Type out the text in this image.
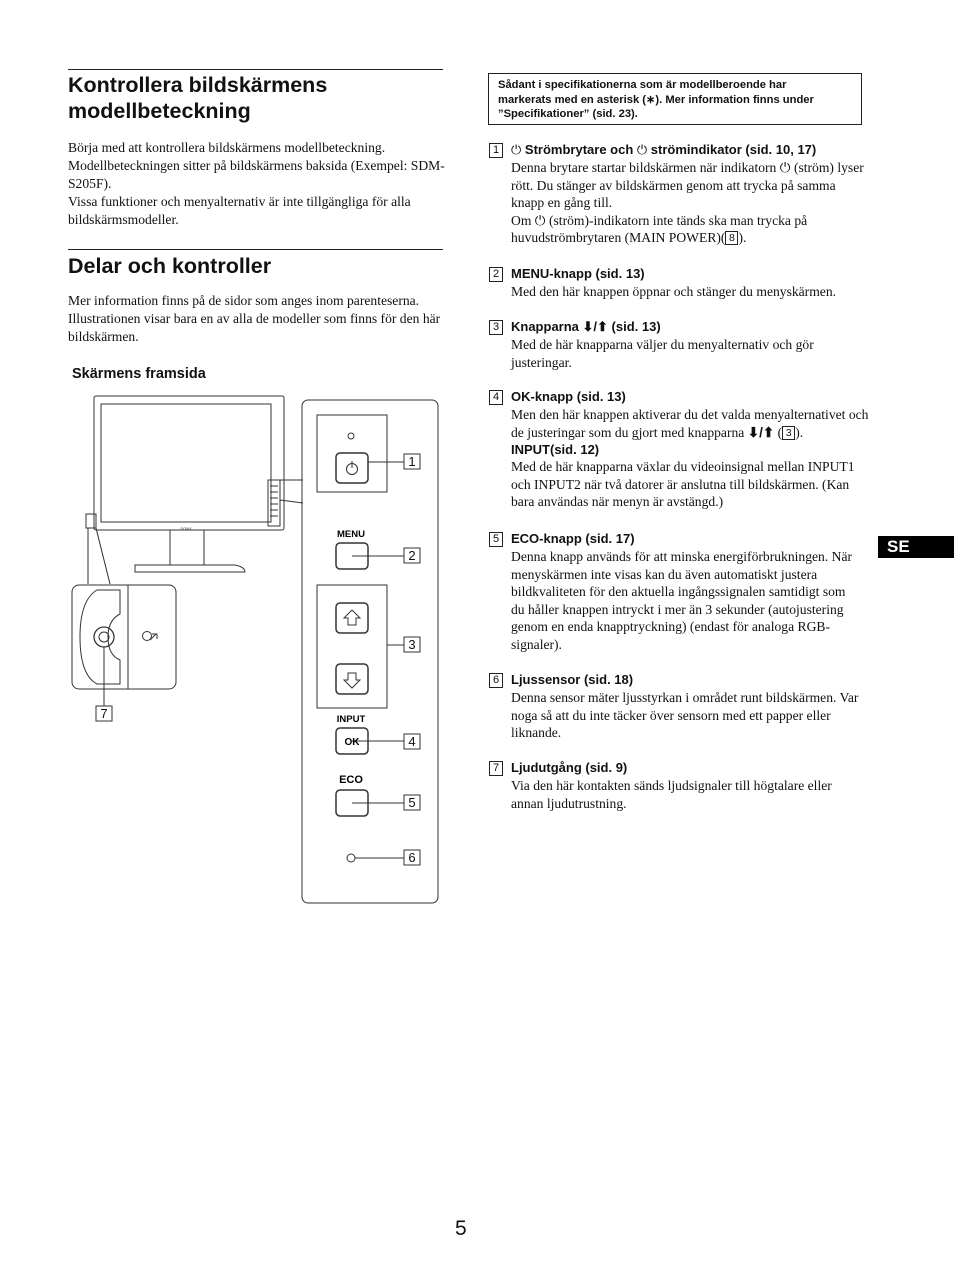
Kontrollera bildskärmens

modellbeteckning

Börja med att kontrollera bildskärmens modellbeteckning. Modellbeteckningen sitter på bildskärmens baksida (Exempel: SDM-S205F).

Vissa funktioner och menyalternativ är inte tillgängliga för alla bildskärmsmodeller.

Delar och kontroller

Mer information finns på de sidor som anges inom parenteserna. Illustrationen visar bara en av alla de modeller som finns för den här bildskärmen.

Skärmens framsida
SONY
MENU
INPUT
OK
ECO
1
2
3
4
5
6
7
Sådant i specifikationerna som är modellberoende har
markerats med en asterisk (∗). Mer information finns under
”Specifikationer” (sid. 23).
1 ⏻ Strömbrytare och ⏻ strömindikator (sid. 10, 17)
Denna brytare startar bildskärmen när indikatorn ⏻ (ström) lyser rött. Du stänger av bildskärmen genom att trycka på samma knapp en gång till.
Om ⏻ (ström)-indikatorn inte tänds ska man trycka på huvudströmbrytaren (MAIN POWER)( 8 ).
2 MENU-knapp (sid. 13)
Med den här knappen öppnar och stänger du menyskärmen.
3 Knapparna ⬇/⬆ (sid. 13)
Med de här knapparna väljer du menyalternativ och gör justeringar.
4 OK-knapp (sid. 13)
Men den här knappen aktiverar du det valda menyalternativet och de justeringar som du gjort med knapparna ⬇/⬆ ( 3 ).
INPUT(sid. 12)
Med de här knapparna växlar du videoinsignal mellan INPUT1 och INPUT2 när två datorer är anslutna till bildskärmen. (Kan bara användas när menyn är avstängd.)
5 ECO-knapp (sid. 17)
Denna knapp används för att minska energiförbrukningen. När menyskärmen inte visas kan du även automatiskt justera bildkvaliteten för den aktuella ingångssignalen samtidigt som du håller knappen intryckt i mer än 3 sekunder (autojustering genom en enda knapptryckning) (endast för analoga RGB-signaler).
6 Ljussensor (sid. 18)
Denna sensor mäter ljusstyrkan i området runt bildskärmen. Var noga så att du inte täcker över sensorn med ett papper eller liknande.
7 Ljudutgång (sid. 9)
Via den här kontakten sänds ljudsignaler till högtalare eller annan ljudutrustning.
SE
5
